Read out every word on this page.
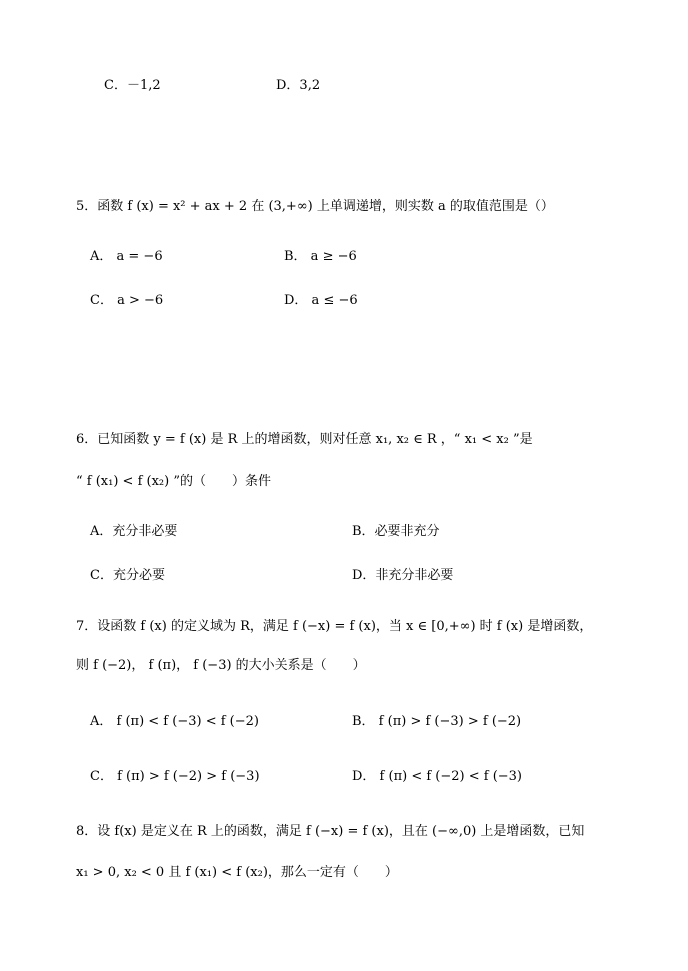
C．－1,2	D．3,2
5．函数 f (x) = x² + ax + 2 在 (3,+∞) 上单调递增，则实数 a 的取值范围是（）
A． a = −6	B． a ≥ −6
C． a > −6	D． a ≤ −6
6．已知函数 y = f (x) 是 R 上的增函数，则对任意 x₁, x₂ ∈ R ，“ x₁ < x₂ ”是
“ f (x₁) < f (x₂) ”的（　　）条件
A．充分非必要	B．必要非充分
C．充分必要	D．非充分非必要
7．设函数 f (x) 的定义域为 R，满足 f (−x) = f (x)，当 x ∈ [0,+∞) 时 f (x) 是增函数，
则 f (−2)， f (π)， f (−3) 的大小关系是（　　）
A． f (π) < f (−3) < f (−2)	B． f (π) > f (−3) > f (−2)
C． f (π) > f (−2) > f (−3)	D． f (π) < f (−2) < f (−3)
8．设 f(x) 是定义在 R 上的函数，满足 f (−x) = f (x)，且在 (−∞,0) 上是增函数，已知
x₁ > 0, x₂ < 0 且 f (x₁) < f (x₂)，那么一定有（　　）
